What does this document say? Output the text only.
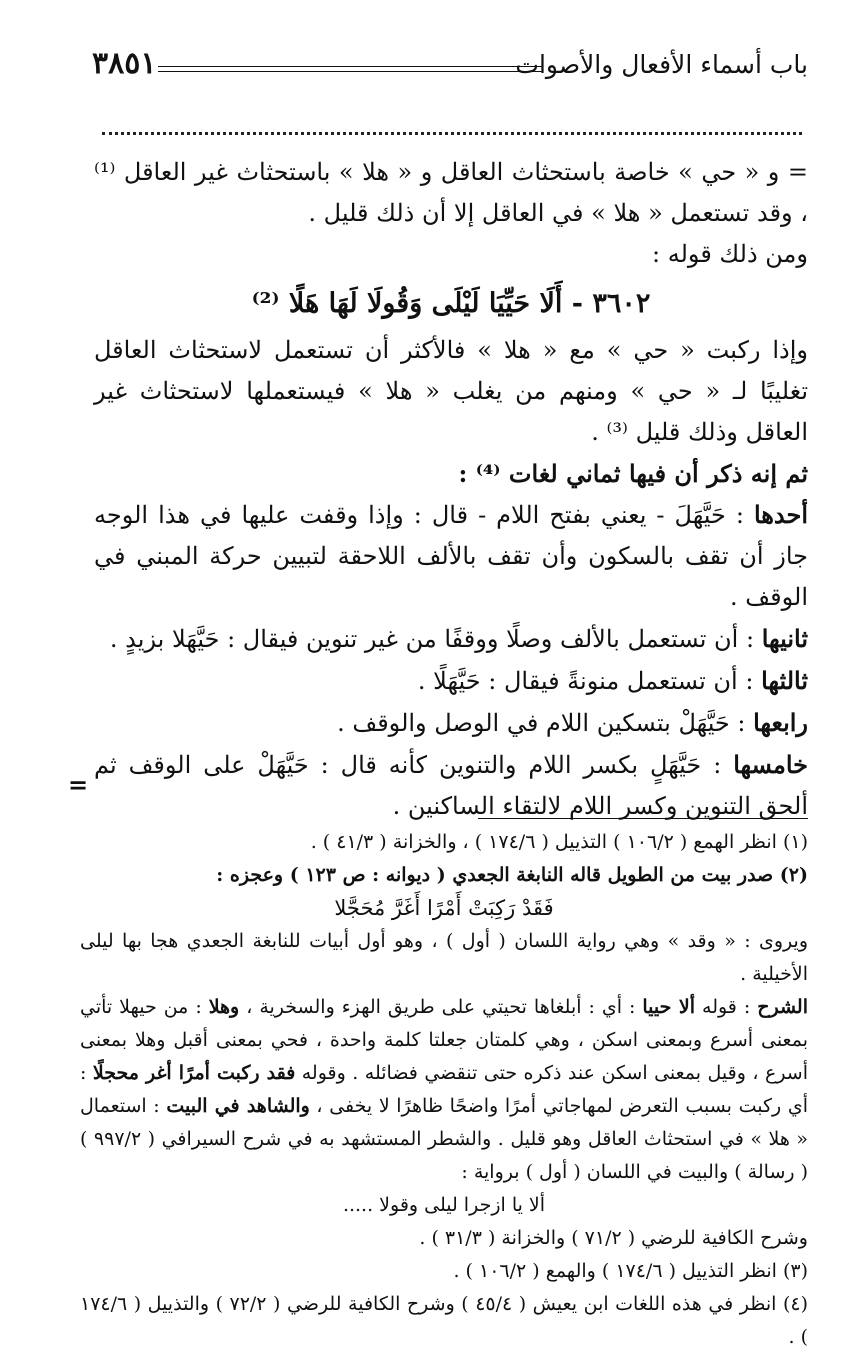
٣٨٥١	باب أسماء الأفعال والأصوات

= و « حي » خاصة باستحثاث العاقل و « هلا » باستحثاث غير العاقل ⁽¹⁾ ، وقد تستعمل « هلا » في العاقل إلا أن ذلك قليل .

ومن ذلك قوله :

٣٦٠٢ - أَلَا حَيِّيَا لَيْلَى وَقُولَا لَهَا هَلًا ⁽²⁾

وإذا ركبت « حي » مع « هلا » فالأكثر أن تستعمل لاستحثاث العاقل تغليبًا لـ « حي » ومنهم من يغلب « هلا » فيستعملها لاستحثاث غير العاقل وذلك قليل ⁽³⁾ .

ثم إنه ذكر أن فيها ثماني لغات ⁽⁴⁾ :

أحدها : حَيَّهَلَ - يعني بفتح اللام - قال : وإذا وقفت عليها في هذا الوجه جاز أن تقف بالسكون وأن تقف بالألف اللاحقة لتبيين حركة المبني في الوقف .

ثانيها : أن تستعمل بالألف وصلًا ووقفًا من غير تنوين فيقال : حَيَّهَلا بزيدٍ .

ثالثها : أن تستعمل منونةً فيقال : حَيَّهَلًا .

رابعها : حَيَّهَلْ بتسكين اللام في الوصل والوقف .

خامسها : حَيَّهَلٍ بكسر اللام والتنوين كأنه قال : حَيَّهَلْ على الوقف ثم ألحق التنوين وكسر اللام لالتقاء الساكنين .

=

(١) انظر الهمع ( ١٠٦/٢ ) التذييل ( ١٧٤/٦ ) ، والخزانة ( ٤١/٣ ) .

(٢) صدر بيت من الطويل قاله النابغة الجعدي ( ديوانه : ص ١٢٣ ) وعجزه :

فَقَدْ رَكِبَتْ أَمْرًا أَغَرَّ مُحَجَّلا

ويروى : « وقد » وهي رواية اللسان ( أول ) ، وهو أول أبيات للنابغة الجعدي هجا بها ليلى الأخيلية .

الشرح : قوله ألا حييا : أي : أبلغاها تحيتي على طريق الهزء والسخرية ، وهلا : من حيهلا تأتي بمعنى أسرع وبمعنى اسكن ، وهي كلمتان جعلتا كلمة واحدة ، فحي بمعنى أقبل وهلا بمعنى أسرع ، وقيل بمعنى اسكن عند ذكره حتى تنقضي فضائله . وقوله فقد ركبت أمرًا أغر محجلًا : أي ركبت بسبب التعرض لمهاجاتي أمرًا واضحًا ظاهرًا لا يخفى ، والشاهد في البيت : استعمال « هلا » في استحثاث العاقل وهو قليل . والشطر المستشهد به في شرح السيرافي ( ٩٩٧/٢ ) ( رسالة ) والبيت في اللسان ( أول ) برواية :

ألا يا ازجرا ليلى وقولا .....

وشرح الكافية للرضي ( ٧١/٢ ) والخزانة ( ٣١/٣ ) .

(٣) انظر التذييل ( ١٧٤/٦ ) والهمع ( ١٠٦/٢ ) .

(٤) انظر في هذه اللغات ابن يعيش ( ٤٥/٤ ) وشرح الكافية للرضي ( ٧٢/٢ ) والتذييل ( ١٧٤/٦ ) .
